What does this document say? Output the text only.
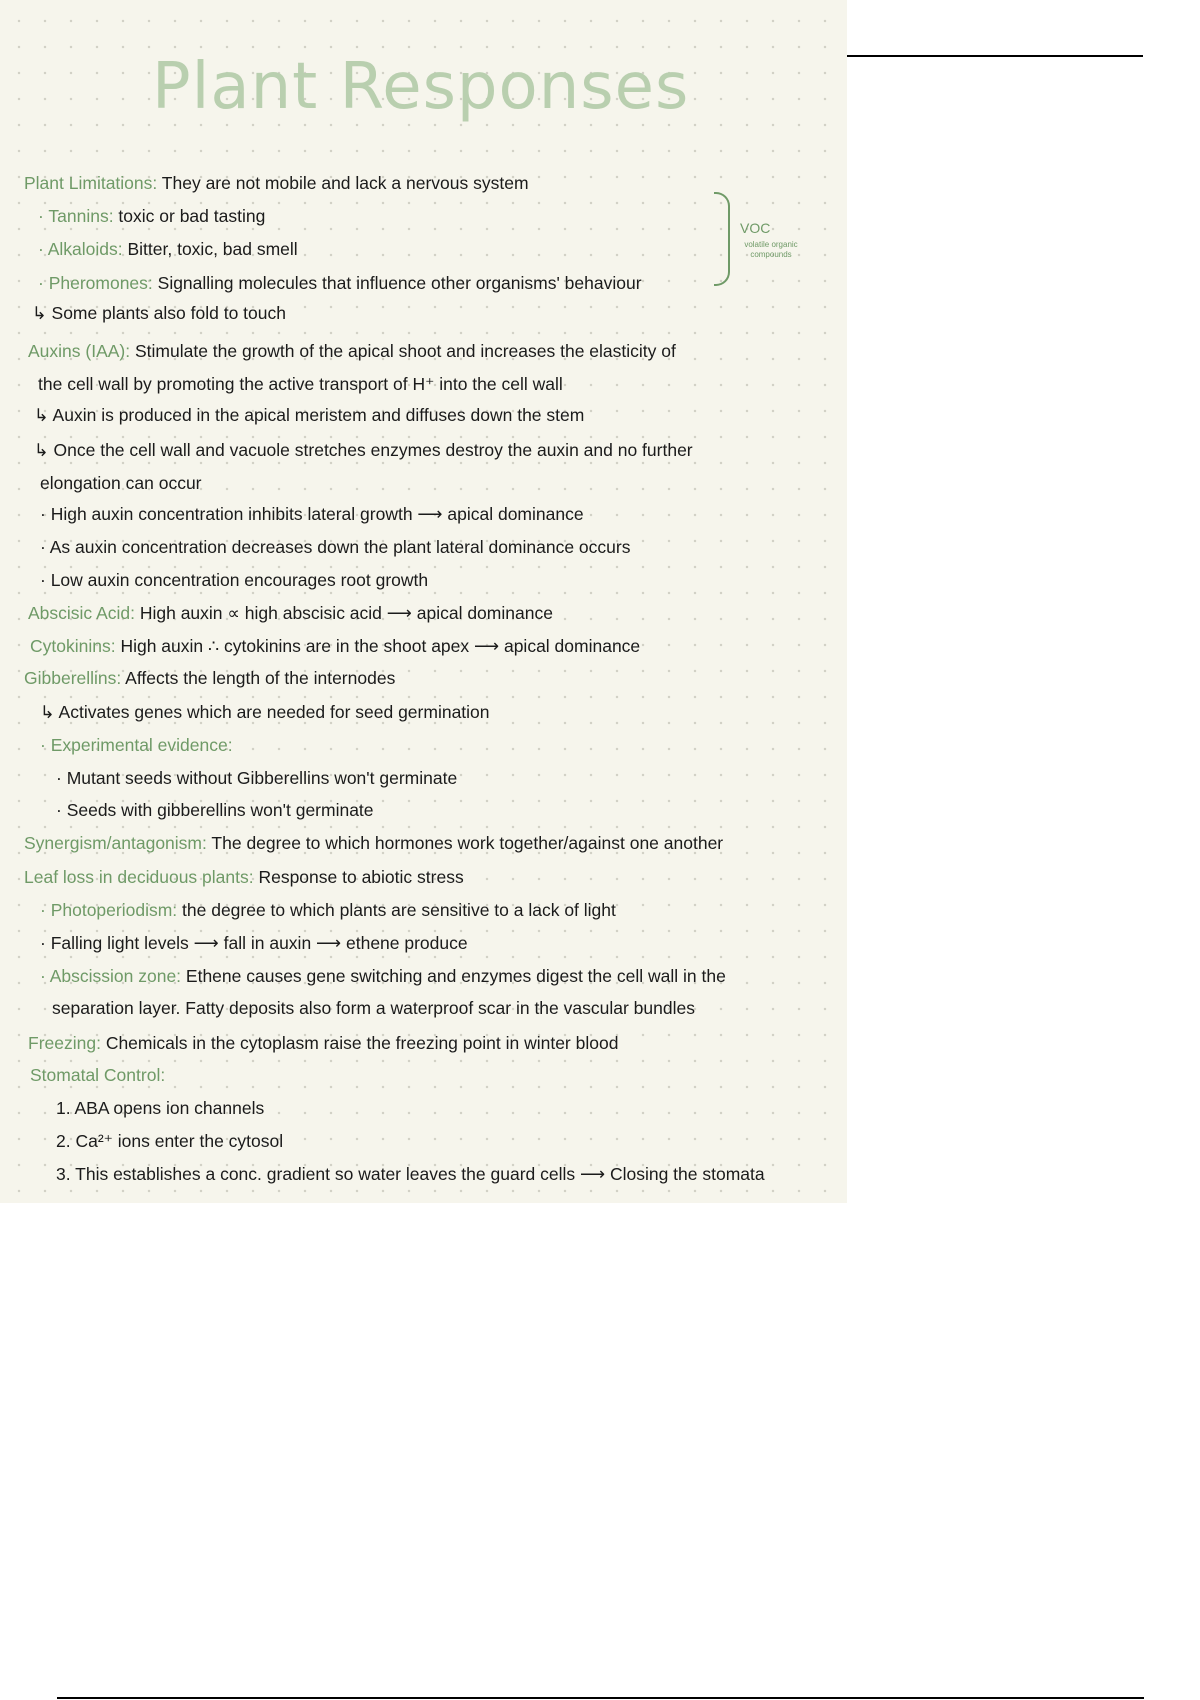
Plant Responses
Plant Limitations: They are not mobile and lack a nervous system
· Tannins: toxic or bad tasting
· Alkaloids: Bitter, toxic, bad smell
· Pheromones: Signalling molecules that influence other organisms' behaviour
↳ Some plants also fold to touch
Auxins (IAA): Stimulate the growth of the apical shoot and increases the elasticity of
the cell wall by promoting the active transport of H⁺ into the cell wall
↳ Auxin is produced in the apical meristem and diffuses down the stem
↳ Once the cell wall and vacuole stretches enzymes destroy the auxin and no further
elongation can occur
· High auxin concentration inhibits lateral growth ⟶ apical dominance
· As auxin concentration decreases down the plant lateral dominance occurs
· Low auxin concentration encourages root growth
Abscisic Acid: High auxin ∝ high abscisic acid ⟶ apical dominance
Cytokinins: High auxin ∴ cytokinins are in the shoot apex ⟶ apical dominance
Gibberellins: Affects the length of the internodes
↳ Activates genes which are needed for seed germination
· Experimental evidence:
· Mutant seeds without Gibberellins won't germinate
· Seeds with gibberellins won't germinate
Synergism/antagonism: The degree to which hormones work together/against one another
Leaf loss in deciduous plants: Response to abiotic stress
· Photoperiodism: the degree to which plants are sensitive to a lack of light
· Falling light levels ⟶ fall in auxin ⟶ ethene produce
· Abscission zone: Ethene causes gene switching and enzymes digest the cell wall in the
separation layer. Fatty deposits also form a waterproof scar in the vascular bundles
Freezing: Chemicals in the cytoplasm raise the freezing point in winter blood
Stomatal Control:
1. ABA opens ion channels
2. Ca²⁺ ions enter the cytosol
3. This establishes a conc. gradient so water leaves the guard cells ⟶ Closing the stomata
VOC
volatile organic compounds
